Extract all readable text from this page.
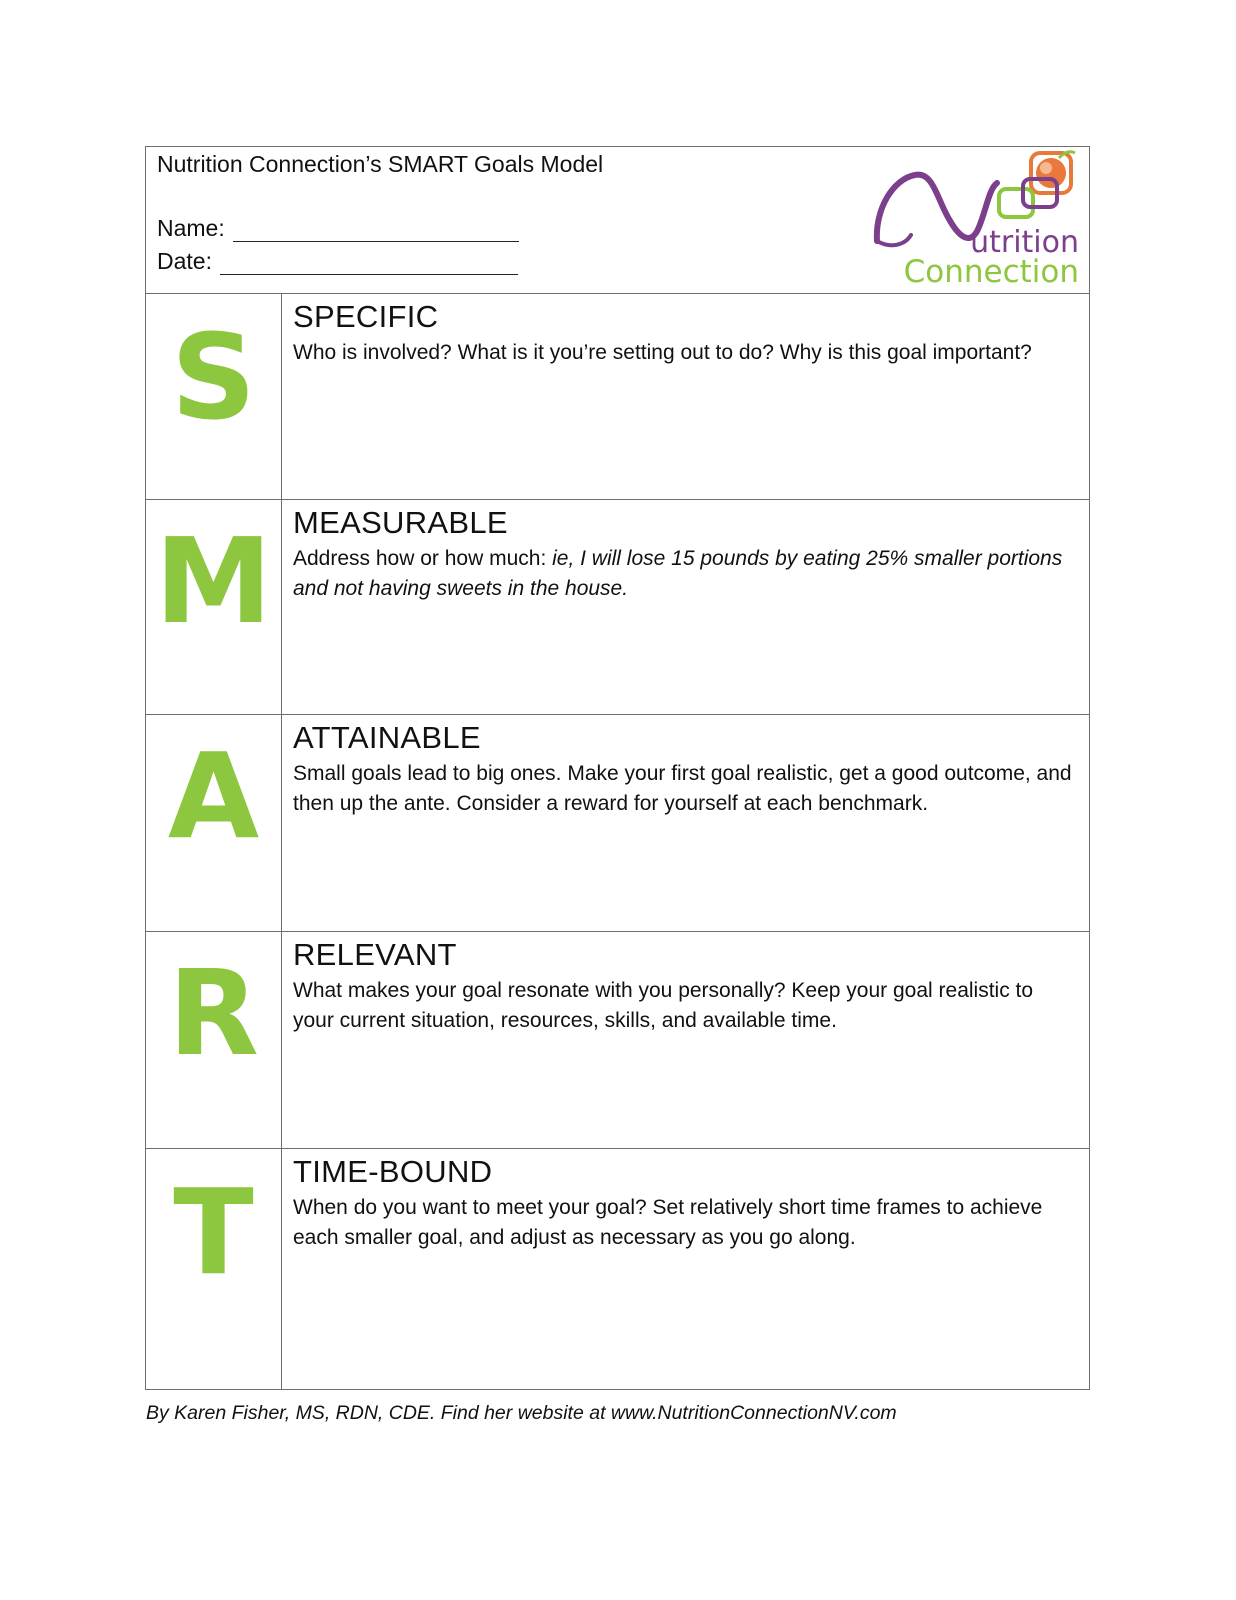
Nutrition Connection’s SMART Goals Model
Name:
Date:
utrition
Connection
S SPECIFIC
Who is involved? What is it you’re setting out to do? Why is this goal important?
M MEASURABLE
Address how or how much: ie, I will lose 15 pounds by eating 25% smaller portions and not having sweets in the house.
A ATTAINABLE
Small goals lead to big ones. Make your first goal realistic, get a good outcome, and then up the ante. Consider a reward for yourself at each benchmark.
R RELEVANT
What makes your goal resonate with you personally? Keep your goal realistic to your current situation, resources, skills, and available time.
T TIME-BOUND
When do you want to meet your goal? Set relatively short time frames to achieve each smaller goal, and adjust as necessary as you go along.
By Karen Fisher, MS, RDN, CDE. Find her website at www.NutritionConnectionNV.com
